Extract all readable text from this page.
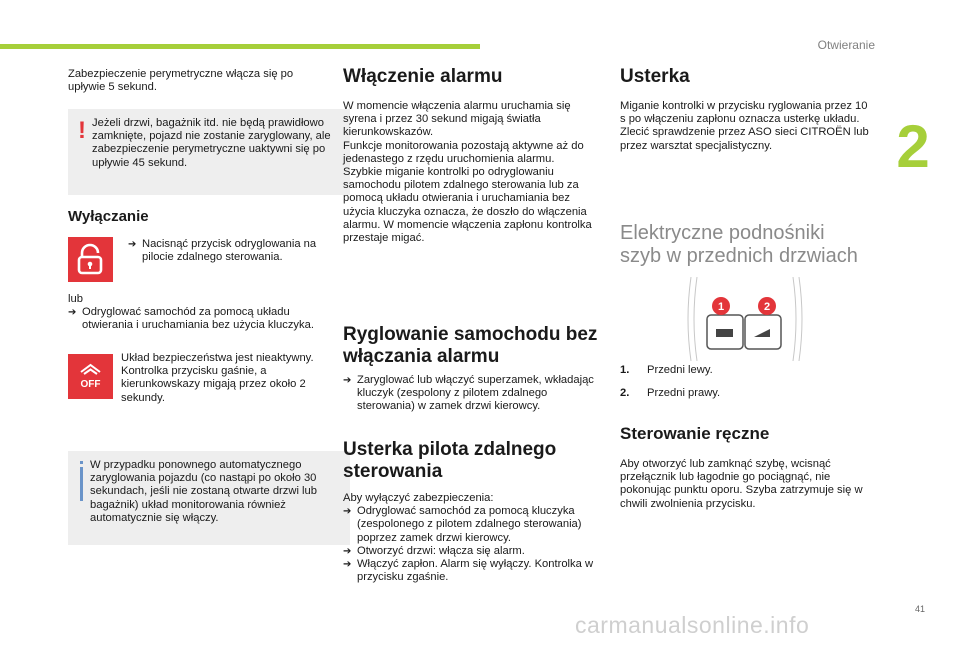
Otwieranie
2

Zabezpieczenie perymetryczne włącza się po upływie 5 sekund.

! Jeżeli drzwi, bagażnik itd. nie będą prawidłowo zamknięte, pojazd nie zostanie zaryglowany, ale zabezpieczenie perymetryczne uaktywni się po upływie 45 sekund.

Wyłączanie
➔ Nacisnąć przycisk odryglowania na pilocie zdalnego sterowania.

lub

➔ Odryglować samochód za pomocą układu otwierania i uruchamiania bez użycia kluczyka.
OFF

Układ bezpieczeństwa jest nieaktywny. Kontrolka przycisku gaśnie, a kierunkowskazy migają przez około 2 sekundy.

W przypadku ponownego automatycznego zaryglowania pojazdu (co nastąpi po około 30 sekundach, jeśli nie zostaną otwarte drzwi lub bagażnik) układ monitorowania również automatycznie się włączy.

Włączenie alarmu

W momencie włączenia alarmu uruchamia się syrena i przez 30 sekund migają światła kierunkowskazów.

Funkcje monitorowania pozostają aktywne aż do jedenastego z rzędu uruchomienia alarmu.

Szybkie miganie kontrolki po odryglowaniu samochodu pilotem zdalnego sterowania lub za pomocą układu otwierania i uruchamiania bez użycia kluczyka oznacza, że doszło do włączenia alarmu. W momencie włączenia zapłonu kontrolka przestaje migać.

Ryglowanie samochodu bez
włączania alarmu
➔ Zaryglować lub włączyć superzamek, wkładając kluczyk (zespolony z pilotem zdalnego sterowania) w zamek drzwi kierowcy.
Usterka pilota zdalnego
sterowania

Aby wyłączyć zabezpieczenia:

➔ Odryglować samochód za pomocą kluczyka (zespolonego z pilotem zdalnego sterowania) poprzez zamek drzwi kierowcy.
➔ Otworzyć drzwi: włącza się alarm.
➔ Włączyć zapłon. Alarm się wyłączy. Kontrolka w przycisku zgaśnie.
Usterka

Miganie kontrolki w przycisku ryglowania przez 10 s po włączeniu zapłonu oznacza usterkę układu.

Zlecić sprawdzenie przez ASO sieci CITROËN lub przez warsztat specjalistyczny.

Elektryczne podnośniki
szyb w przednich drzwiach
1	2
1.	Przedni lewy.
2.	Przedni prawy.
Sterowanie ręczne

Aby otworzyć lub zamknąć szybę, wcisnąć przełącznik lub łagodnie go pociągnąć, nie pokonując punktu oporu. Szyba zatrzymuje się w chwili zwolnienia przycisku.

41
carmanualsonline.info
